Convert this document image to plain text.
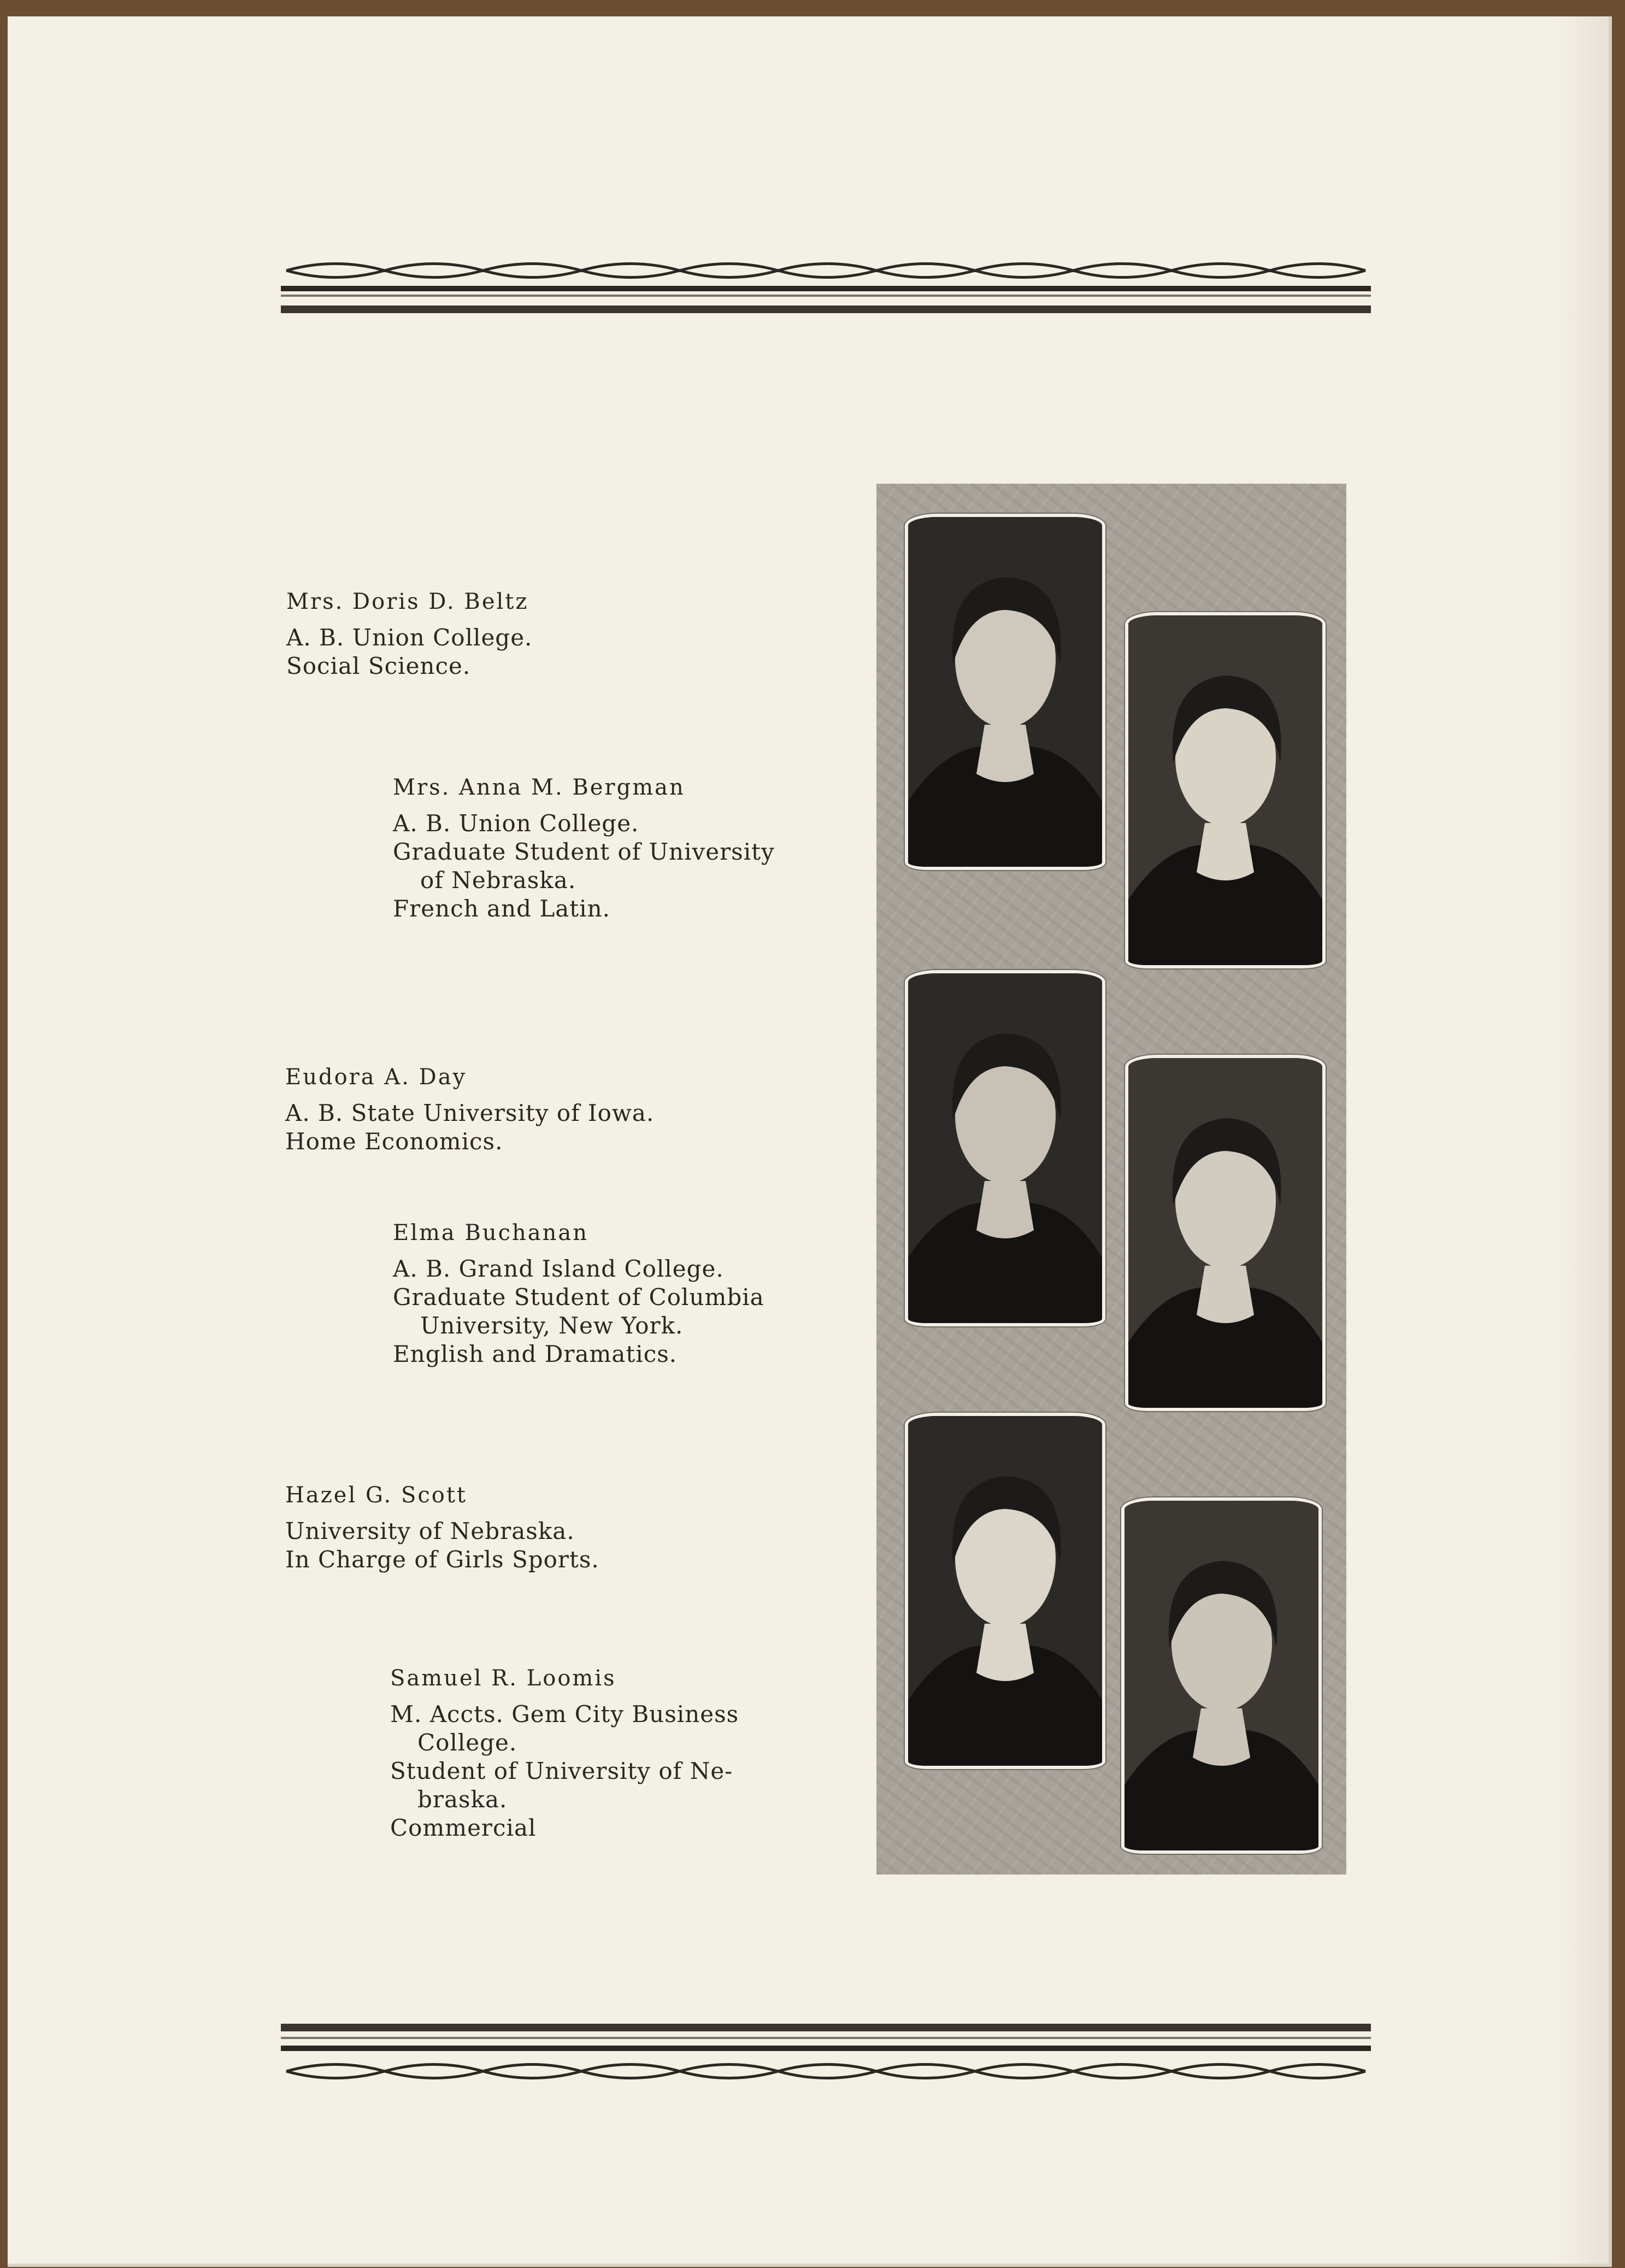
Mrs. Doris D. Beltz
A. B. Union College.
Social Science.
Mrs. Anna M. Bergman
A. B. Union College.
Graduate Student of University
of Nebraska.
French and Latin.
Eudora A. Day
A. B. State University of Iowa.
Home Economics.
Elma Buchanan
A. B. Grand Island College.
Graduate Student of Columbia
University, New York.
English and Dramatics.
Hazel G. Scott
University of Nebraska.
In Charge of Girls Sports.
Samuel R. Loomis
M. Accts. Gem City Business
College.
Student of University of Ne-
braska.
Commercial
